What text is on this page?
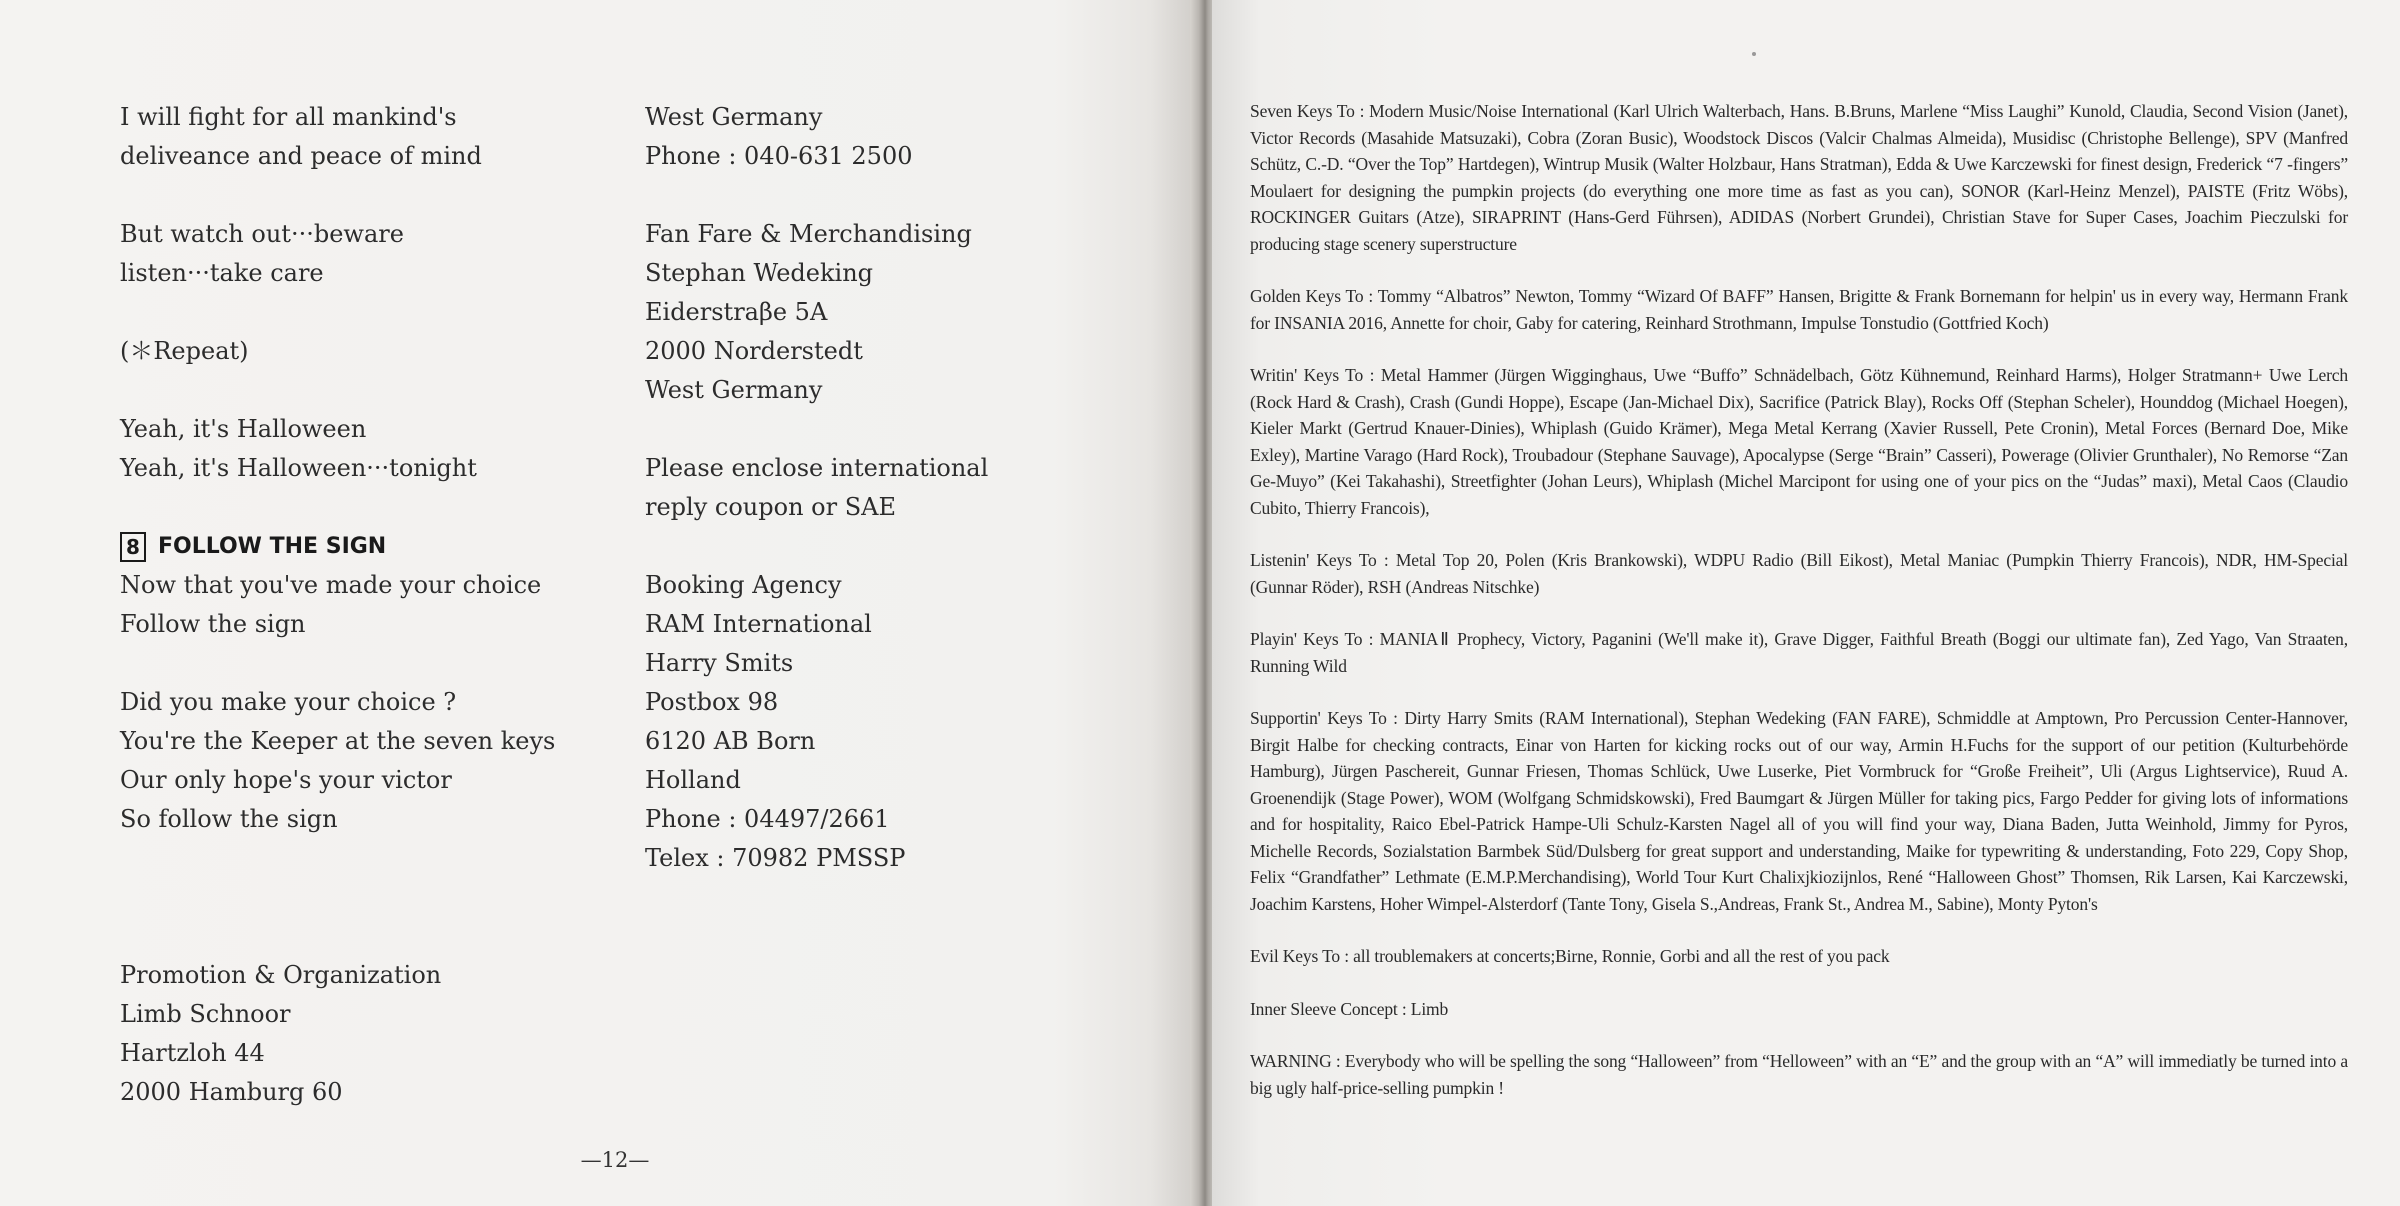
I will fight for all mankind's
deliveance and peace of mind
But watch out···beware
listen···take care
(＊Repeat)
Yeah, it's Halloween
Yeah, it's Halloween···tonight
8 FOLLOW THE SIGN
Now that you've made your choice
Follow the sign
Did you make your choice ?
You're the Keeper at the seven keys
Our only hope's your victor
So follow the sign
Promotion & Organization
Limb Schnoor
Hartzloh 44
2000 Hamburg 60
West Germany
Phone : 040-631 2500
Fan Fare & Merchandising
Stephan Wedeking
Eiderstraβe 5A
2000 Norderstedt
West Germany
Please enclose international
reply coupon or SAE
Booking Agency
RAM International
Harry Smits
Postbox 98
6120 AB Born
Holland
Phone : 04497/2661
Telex : 70982 PMSSP
—12—

Seven Keys To : Modern Music/Noise International (Karl Ulrich Walterbach, Hans. B.Bruns, Marlene “Miss Laughi” Kunold, Claudia, Second Vision (Janet), Victor Records (Masahide Matsuzaki), Cobra (Zoran Busic), Woodstock Discos (Valcir Chalmas Almeida), Musidisc (Christophe Bellenge), SPV (Manfred Schütz, C.-D. “Over the Top” Hartdegen), Wintrup Musik (Walter Holzbaur, Hans Stratman), Edda & Uwe Karczewski for finest design, Frederick “7 -fingers” Moulaert for designing the pumpkin projects (do everything one more time as fast as you can), SONOR (Karl-Heinz Menzel), PAISTE (Fritz Wöbs), ROCKINGER Guitars (Atze), SIRAPRINT (Hans-Gerd Führsen), ADIDAS (Norbert Grundei), Christian Stave for Super Cases, Joachim Pieczulski for producing stage scenery superstructure

Golden Keys To : Tommy “Albatros” Newton, Tommy “Wizard Of BAFF” Hansen, Brigitte & Frank Bornemann for helpin' us in every way, Hermann Frank for INSANIA 2016, Annette for choir, Gaby for catering, Reinhard Strothmann, Impulse Tonstudio (Gottfried Koch)

Writin' Keys To : Metal Hammer (Jürgen Wigginghaus, Uwe “Buffo” Schnädelbach, Götz Kühnemund, Reinhard Harms), Holger Stratmann+ Uwe Lerch (Rock Hard & Crash), Crash (Gundi Hoppe), Escape (Jan-Michael Dix), Sacrifice (Patrick Blay), Rocks Off (Stephan Scheler), Hounddog (Michael Hoegen), Kieler Markt (Gertrud Knauer-Dinies), Whiplash (Guido Krämer), Mega Metal Kerrang (Xavier Russell, Pete Cronin), Metal Forces (Bernard Doe, Mike Exley), Martine Varago (Hard Rock), Troubadour (Stephane Sauvage), Apocalypse (Serge “Brain” Casseri), Powerage (Olivier Grunthaler), No Remorse “Zan Ge-Muyo” (Kei Takahashi), Streetfighter (Johan Leurs), Whiplash (Michel Marcipont for using one of your pics on the “Judas” maxi), Metal Caos (Claudio Cubito, Thierry Francois),

Listenin' Keys To : Metal Top 20, Polen (Kris Brankowski), WDPU Radio (Bill Eikost), Metal Maniac (Pumpkin Thierry Francois), NDR, HM-Special (Gunnar Röder), RSH (Andreas Nitschke)

Playin' Keys To : MANIAⅡ Prophecy, Victory, Paganini (We'll make it), Grave Digger, Faithful Breath (Boggi our ultimate fan), Zed Yago, Van Straaten, Running Wild

Supportin' Keys To : Dirty Harry Smits (RAM International), Stephan Wedeking (FAN FARE), Schmiddle at Amptown, Pro Percussion Center-Hannover, Birgit Halbe for checking contracts, Einar von Harten for kicking rocks out of our way, Armin H.Fuchs for the support of our petition (Kulturbehörde Hamburg), Jürgen Paschereit, Gunnar Friesen, Thomas Schlück, Uwe Luserke, Piet Vormbruck for “Große Freiheit”, Uli (Argus Lightservice), Ruud A. Groenendijk (Stage Power), WOM (Wolfgang Schmidskowski), Fred Baumgart & Jürgen Müller for taking pics, Fargo Pedder for giving lots of informations and for hospitality, Raico Ebel-Patrick Hampe-Uli Schulz-Karsten Nagel all of you will find your way, Diana Baden, Jutta Weinhold, Jimmy for Pyros, Michelle Records, Sozialstation Barmbek Süd/Dulsberg for great support and understanding, Maike for typewriting & understanding, Foto 229, Copy Shop, Felix “Grandfather” Lethmate (E.M.P.Merchandising), World Tour Kurt Chalixjkiozijnlos, René “Halloween Ghost” Thomsen, Rik Larsen, Kai Karczewski, Joachim Karstens, Hoher Wimpel-Alsterdorf (Tante Tony, Gisela S.,Andreas, Frank St., Andrea M., Sabine), Monty Pyton's

Evil Keys To : all troublemakers at concerts;Birne, Ronnie, Gorbi and all the rest of you pack

Inner Sleeve Concept : Limb

WARNING : Everybody who will be spelling the song “Halloween” from “Helloween” with an “E” and the group with an “A” will immediatly be turned into a big ugly half-price-selling pumpkin !
